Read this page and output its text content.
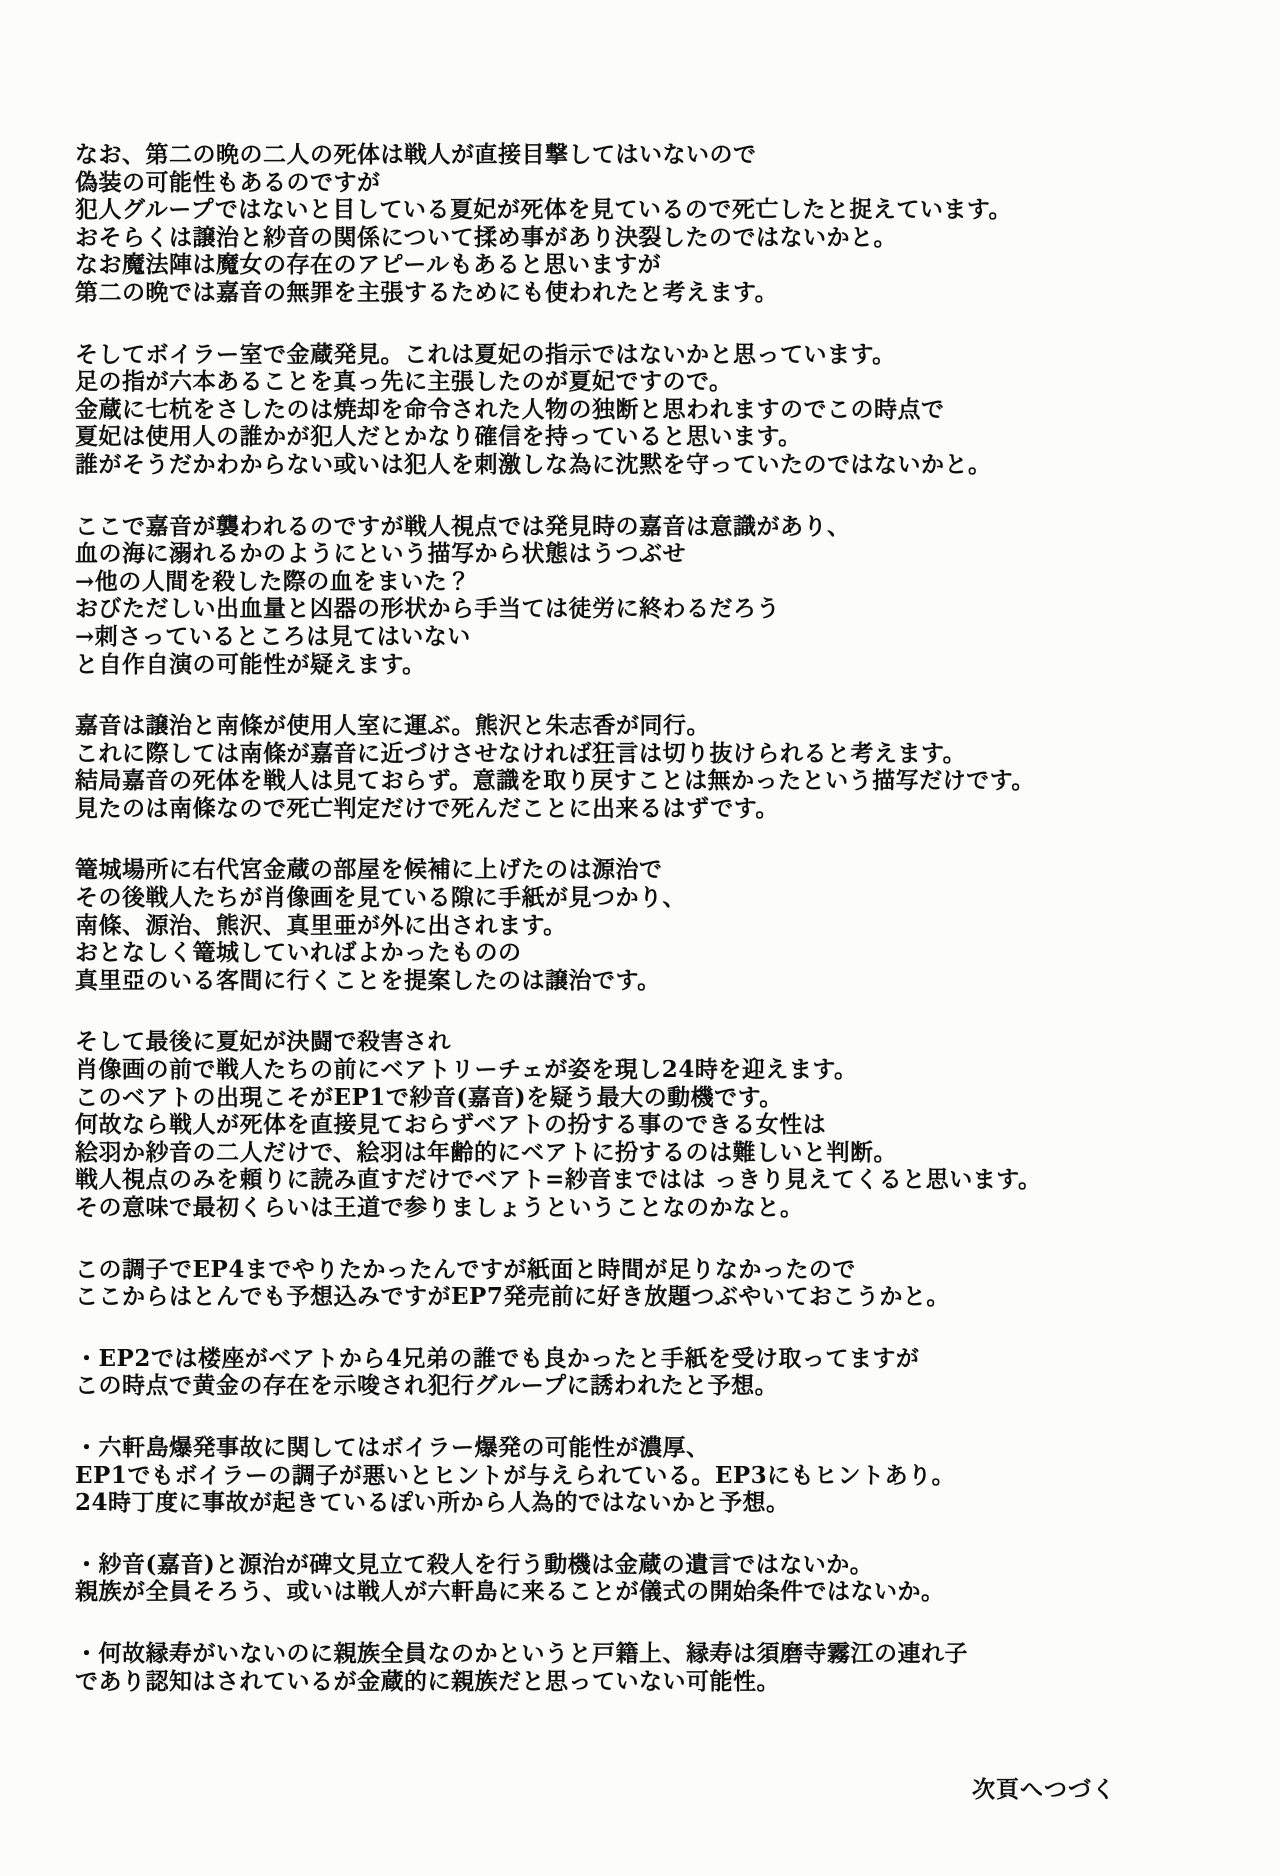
なお、第二の晩の二人の死体は戦人が直接目撃してはいないので
偽装の可能性もあるのですが
犯人グループではないと目している夏妃が死体を見ているので死亡したと捉えています。
おそらくは譲治と紗音の関係について揉め事があり決裂したのではないかと。
なお魔法陣は魔女の存在のアピールもあると思いますが
第二の晩では嘉音の無罪を主張するためにも使われたと考えます。
そしてボイラー室で金蔵発見。これは夏妃の指示ではないかと思っています。
足の指が六本あることを真っ先に主張したのが夏妃ですので。
金蔵に七杭をさしたのは焼却を命令された人物の独断と思われますのでこの時点で
夏妃は使用人の誰かが犯人だとかなり確信を持っていると思います。
誰がそうだかわからない或いは犯人を刺激しな為に沈黙を守っていたのではないかと。
ここで嘉音が襲われるのですが戦人視点では発見時の嘉音は意識があり、
血の海に溺れるかのようにという描写から状態はうつぶせ
→他の人間を殺した際の血をまいた？
おびただしい出血量と凶器の形状から手当ては徒労に終わるだろう
→刺さっているところは見てはいない
と自作自演の可能性が疑えます。
嘉音は譲治と南條が使用人室に運ぶ。熊沢と朱志香が同行。
これに際しては南條が嘉音に近づけさせなければ狂言は切り抜けられると考えます。
結局嘉音の死体を戦人は見ておらず。意識を取り戻すことは無かったという描写だけです。
見たのは南條なので死亡判定だけで死んだことに出来るはずです。
篭城場所に右代宮金蔵の部屋を候補に上げたのは源治で
その後戦人たちが肖像画を見ている隙に手紙が見つかり、
南條、源治、熊沢、真里亜が外に出されます。
おとなしく篭城していればよかったものの
真里亞のいる客間に行くことを提案したのは譲治です。
そして最後に夏妃が決闘で殺害され
肖像画の前で戦人たちの前にベアトリーチェが姿を現し24時を迎えます。
このベアトの出現こそがEP1で紗音(嘉音)を疑う最大の動機です。
何故なら戦人が死体を直接見ておらずベアトの扮する事のできる女性は
絵羽か紗音の二人だけで、絵羽は年齢的にベアトに扮するのは難しいと判断。
戦人視点のみを頼りに読み直すだけでベアト=紗音まではは っきり見えてくると思います。
その意味で最初くらいは王道で参りましょうということなのかなと。
この調子でEP4までやりたかったんですが紙面と時間が足りなかったので
ここからはとんでも予想込みですがEP7発売前に好き放題つぶやいておこうかと。
・EP2では楼座がベアトから4兄弟の誰でも良かったと手紙を受け取ってますが
この時点で黄金の存在を示唆され犯行グループに誘われたと予想。
・六軒島爆発事故に関してはボイラー爆発の可能性が濃厚、
EP1でもボイラーの調子が悪いとヒントが与えられている。EP3にもヒントあり。
24時丁度に事故が起きているぽい所から人為的ではないかと予想。
・紗音(嘉音)と源治が碑文見立て殺人を行う動機は金蔵の遺言ではないか。
親族が全員そろう、或いは戦人が六軒島に来ることが儀式の開始条件ではないか。
・何故縁寿がいないのに親族全員なのかというと戸籍上、縁寿は須磨寺霧江の連れ子
であり認知はされているが金蔵的に親族だと思っていない可能性。
次頁へつづく
